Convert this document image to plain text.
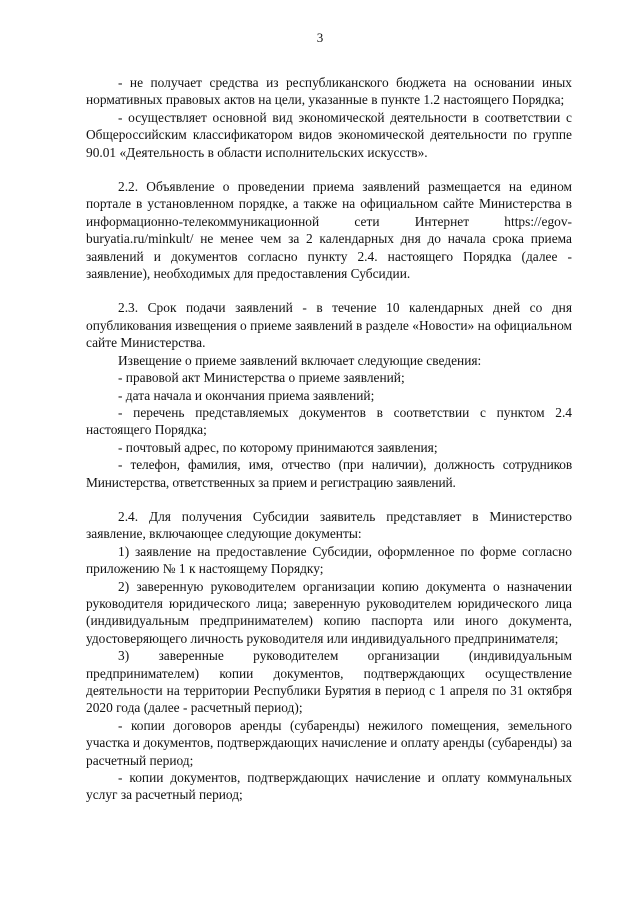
3

- не получает средства из республиканского бюджета на основании иных нормативных правовых актов на цели, указанные в пункте 1.2 настоящего Порядка;

- осуществляет основной вид экономической деятельности в соответствии с Общероссийским классификатором видов экономической деятельности по группе 90.01 «Деятельность в области исполнительских искусств».

2.2. Объявление о проведении приема заявлений размещается на едином портале в установленном порядке, а также на официальном сайте Министерства в информационно-телекоммуникационной сети Интернет https://egov-buryatia.ru/minkult/ не менее чем за 2 календарных дня до начала срока приема заявлений и документов согласно пункту 2.4. настоящего Порядка (далее - заявление), необходимых для предоставления Субсидии.

2.3. Срок подачи заявлений - в течение 10 календарных дней со дня опубликования извещения о приеме заявлений в разделе «Новости» на официальном сайте Министерства.

Извещение о приеме заявлений включает следующие сведения:

- правовой акт Министерства о приеме заявлений;

- дата начала и окончания приема заявлений;

- перечень представляемых документов в соответствии с пунктом 2.4 настоящего Порядка;

- почтовый адрес, по которому принимаются заявления;

- телефон, фамилия, имя, отчество (при наличии), должность сотрудников Министерства, ответственных за прием и регистрацию заявлений.

2.4. Для получения Субсидии заявитель представляет в Министерство заявление, включающее следующие документы:

1) заявление на предоставление Субсидии, оформленное по форме согласно приложению № 1 к настоящему Порядку;

2) заверенную руководителем организации копию документа о назначении руководителя юридического лица; заверенную руководителем юридического лица (индивидуальным предпринимателем) копию паспорта или иного документа, удостоверяющего личность руководителя или индивидуального предпринимателя;

3) заверенные руководителем организации (индивидуальным предпринимателем) копии документов, подтверждающих осуществление деятельности на территории Республики Бурятия в период с 1 апреля по 31 октября 2020 года (далее - расчетный период);

- копии договоров аренды (субаренды) нежилого помещения, земельного участка и документов, подтверждающих начисление и оплату аренды (субаренды) за расчетный период;

- копии документов, подтверждающих начисление и оплату коммунальных услуг за расчетный период;
